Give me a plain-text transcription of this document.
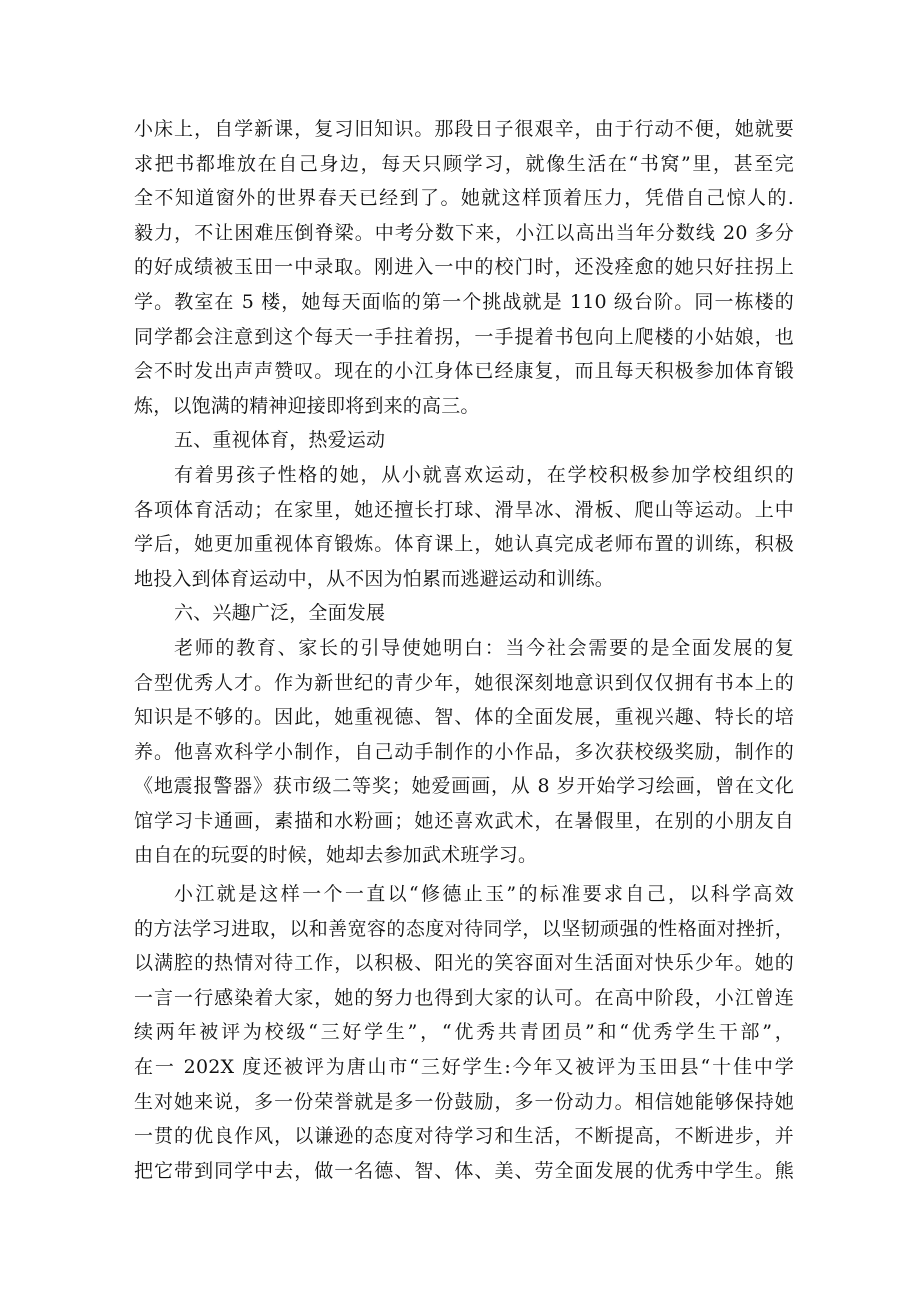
小床上，自学新课，复习旧知识。那段日子很艰辛，由于行动不便，她就要
求把书都堆放在自己身边，每天只顾学习，就像生活在“书窝”里，甚至完
全不知道窗外的世界春天已经到了。她就这样顶着压力，凭借自己惊人的.
毅力，不让困难压倒脊梁。中考分数下来，小江以高出当年分数线 20 多分
的好成绩被玉田一中录取。刚进入一中的校门时，还没痊愈的她只好拄拐上
学。教室在 5 楼，她每天面临的第一个挑战就是 110 级台阶。同一栋楼的
同学都会注意到这个每天一手拄着拐，一手提着书包向上爬楼的小姑娘，也
会不时发出声声赞叹。现在的小江身体已经康复，而且每天积极参加体育锻
炼，以饱满的精神迎接即将到来的高三。
五、重视体育，热爱运动
有着男孩子性格的她，从小就喜欢运动，在学校积极参加学校组织的
各项体育活动；在家里，她还擅长打球、滑旱冰、滑板、爬山等运动。上中
学后，她更加重视体育锻炼。体育课上，她认真完成老师布置的训练，积极
地投入到体育运动中，从不因为怕累而逃避运动和训练。
六、兴趣广泛，全面发展
老师的教育、家长的引导使她明白：当今社会需要的是全面发展的复
合型优秀人才。作为新世纪的青少年，她很深刻地意识到仅仅拥有书本上的
知识是不够的。因此，她重视德、智、体的全面发展，重视兴趣、特长的培
养。他喜欢科学小制作，自己动手制作的小作品，多次获校级奖励，制作的
《地震报警器》获市级二等奖；她爱画画，从 8 岁开始学习绘画，曾在文化
馆学习卡通画，素描和水粉画；她还喜欢武术，在暑假里，在别的小朋友自
由自在的玩耍的时候，她却去参加武术班学习。
小江就是这样一个一直以“修德止玉”的标准要求自己，以科学高效
的方法学习进取，以和善宽容的态度对待同学，以坚韧顽强的性格面对挫折，
以满腔的热情对待工作，以积极、阳光的笑容面对生活面对快乐少年。她的
一言一行感染着大家，她的努力也得到大家的认可。在高中阶段，小江曾连
续两年被评为校级“三好学生”，“优秀共青团员”和“优秀学生干部”，
在一 202X 度还被评为唐山市“三好学生:今年又被评为玉田县“十佳中学
生对她来说，多一份荣誉就是多一份鼓励，多一份动力。相信她能够保持她
一贯的优良作风，以谦逊的态度对待学习和生活，不断提高，不断进步，并
把它带到同学中去，做一名德、智、体、美、劳全面发展的优秀中学生。熊
